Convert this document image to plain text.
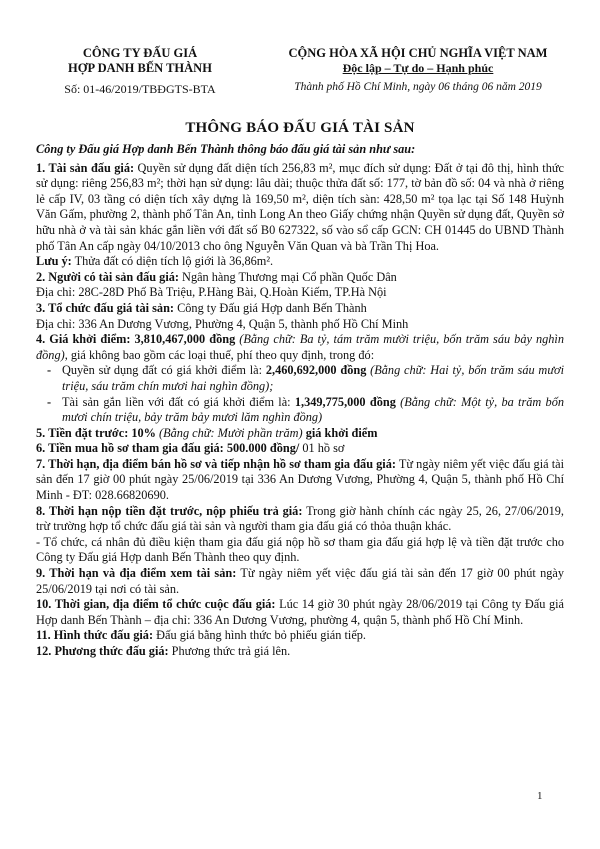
CÔNG TY ĐẤU GIÁ
HỢP DANH BẾN THÀNH
Số: 01-46/2019/TBĐGTS-BTA
CỘNG HÒA XÃ HỘI CHỦ NGHĨA VIỆT NAM
Độc lập – Tự do – Hạnh phúc
Thành phố Hồ Chí Minh, ngày 06 tháng 06 năm 2019
THÔNG BÁO ĐẤU GIÁ TÀI SẢN

Công ty Đấu giá Hợp danh Bến Thành thông báo đấu giá tài sản như sau:

1. Tài sản đấu giá: Quyền sử dụng đất diện tích 256,83 m², mục đích sử dụng: Đất ở tại đô thị, hình thức sử dụng: riêng 256,83 m²; thời hạn sử dụng: lâu dài; thuộc thửa đất số: 177, tờ bản đồ số: 04 và nhà ở riêng lẻ cấp IV, 03 tầng có diện tích xây dựng là 169,50 m², diện tích sàn: 428,50 m² tọa lạc tại Số 148 Huỳnh Văn Gấm, phường 2, thành phố Tân An, tỉnh Long An theo Giấy chứng nhận Quyền sử dụng đất, Quyền sở hữu nhà ở và tài sản khác gắn liền với đất số B0 627322, số vào sổ cấp GCN: CH 01445 do UBND Thành phố Tân An cấp ngày 04/10/2013 cho ông Nguyễn Văn Quan và bà Trần Thị Hoa.

Lưu ý: Thửa đất có diện tích lộ giới là 36,86m².

2. Người có tài sản đấu giá: Ngân hàng Thương mại Cổ phần Quốc Dân

Địa chỉ: 28C-28D Phố Bà Triệu, P.Hàng Bài, Q.Hoàn Kiếm, TP.Hà Nội

3. Tổ chức đấu giá tài sản: Công ty Đấu giá Hợp danh Bến Thành

Địa chỉ: 336 An Dương Vương, Phường 4, Quận 5, thành phố Hồ Chí Minh

4. Giá khởi điểm: 3,810,467,000 đồng (Bằng chữ: Ba tỷ, tám trăm mười triệu, bốn trăm sáu bảy nghìn đồng), giá không bao gồm các loại thuế, phí theo quy định, trong đó:

- Quyền sử dụng đất có giá khởi điểm là: 2,460,692,000 đồng (Bằng chữ: Hai tỷ, bốn trăm sáu mươi triệu, sáu trăm chín mươi hai nghìn đồng);
- Tài sản gắn liền với đất có giá khởi điểm là: 1,349,775,000 đồng (Bằng chữ: Một tỷ, ba trăm bốn mươi chín triệu, bảy trăm bảy mươi lăm nghìn đồng)

5. Tiền đặt trước: 10% (Bằng chữ: Mười phần trăm) giá khởi điểm

6. Tiền mua hồ sơ tham gia đấu giá: 500.000 đồng/ 01 hồ sơ

7. Thời hạn, địa điểm bán hồ sơ và tiếp nhận hồ sơ tham gia đấu giá: Từ ngày niêm yết việc đấu giá tài sản đến 17 giờ 00 phút ngày 25/06/2019 tại 336 An Dương Vương, Phường 4, Quận 5, thành phố Hồ Chí Minh - ĐT: 028.66820690.

8. Thời hạn nộp tiền đặt trước, nộp phiếu trả giá: Trong giờ hành chính các ngày 25, 26, 27/06/2019, trừ trường hợp tổ chức đấu giá tài sản và người tham gia đấu giá có thỏa thuận khác.

- Tổ chức, cá nhân đủ điều kiện tham gia đấu giá nộp hồ sơ tham gia đấu giá hợp lệ và tiền đặt trước cho Công ty Đấu giá Hợp danh Bến Thành theo quy định.

9. Thời hạn và địa điểm xem tài sản: Từ ngày niêm yết việc đấu giá tài sản đến 17 giờ 00 phút ngày 25/06/2019 tại nơi có tài sản.

10. Thời gian, địa điểm tổ chức cuộc đấu giá: Lúc 14 giờ 30 phút ngày 28/06/2019 tại Công ty Đấu giá Hợp danh Bến Thành – địa chỉ: 336 An Dương Vương, phường 4, quận 5, thành phố Hồ Chí Minh.

11. Hình thức đấu giá: Đấu giá bằng hình thức bỏ phiếu gián tiếp.

12. Phương thức đấu giá: Phương thức trả giá lên.

1
